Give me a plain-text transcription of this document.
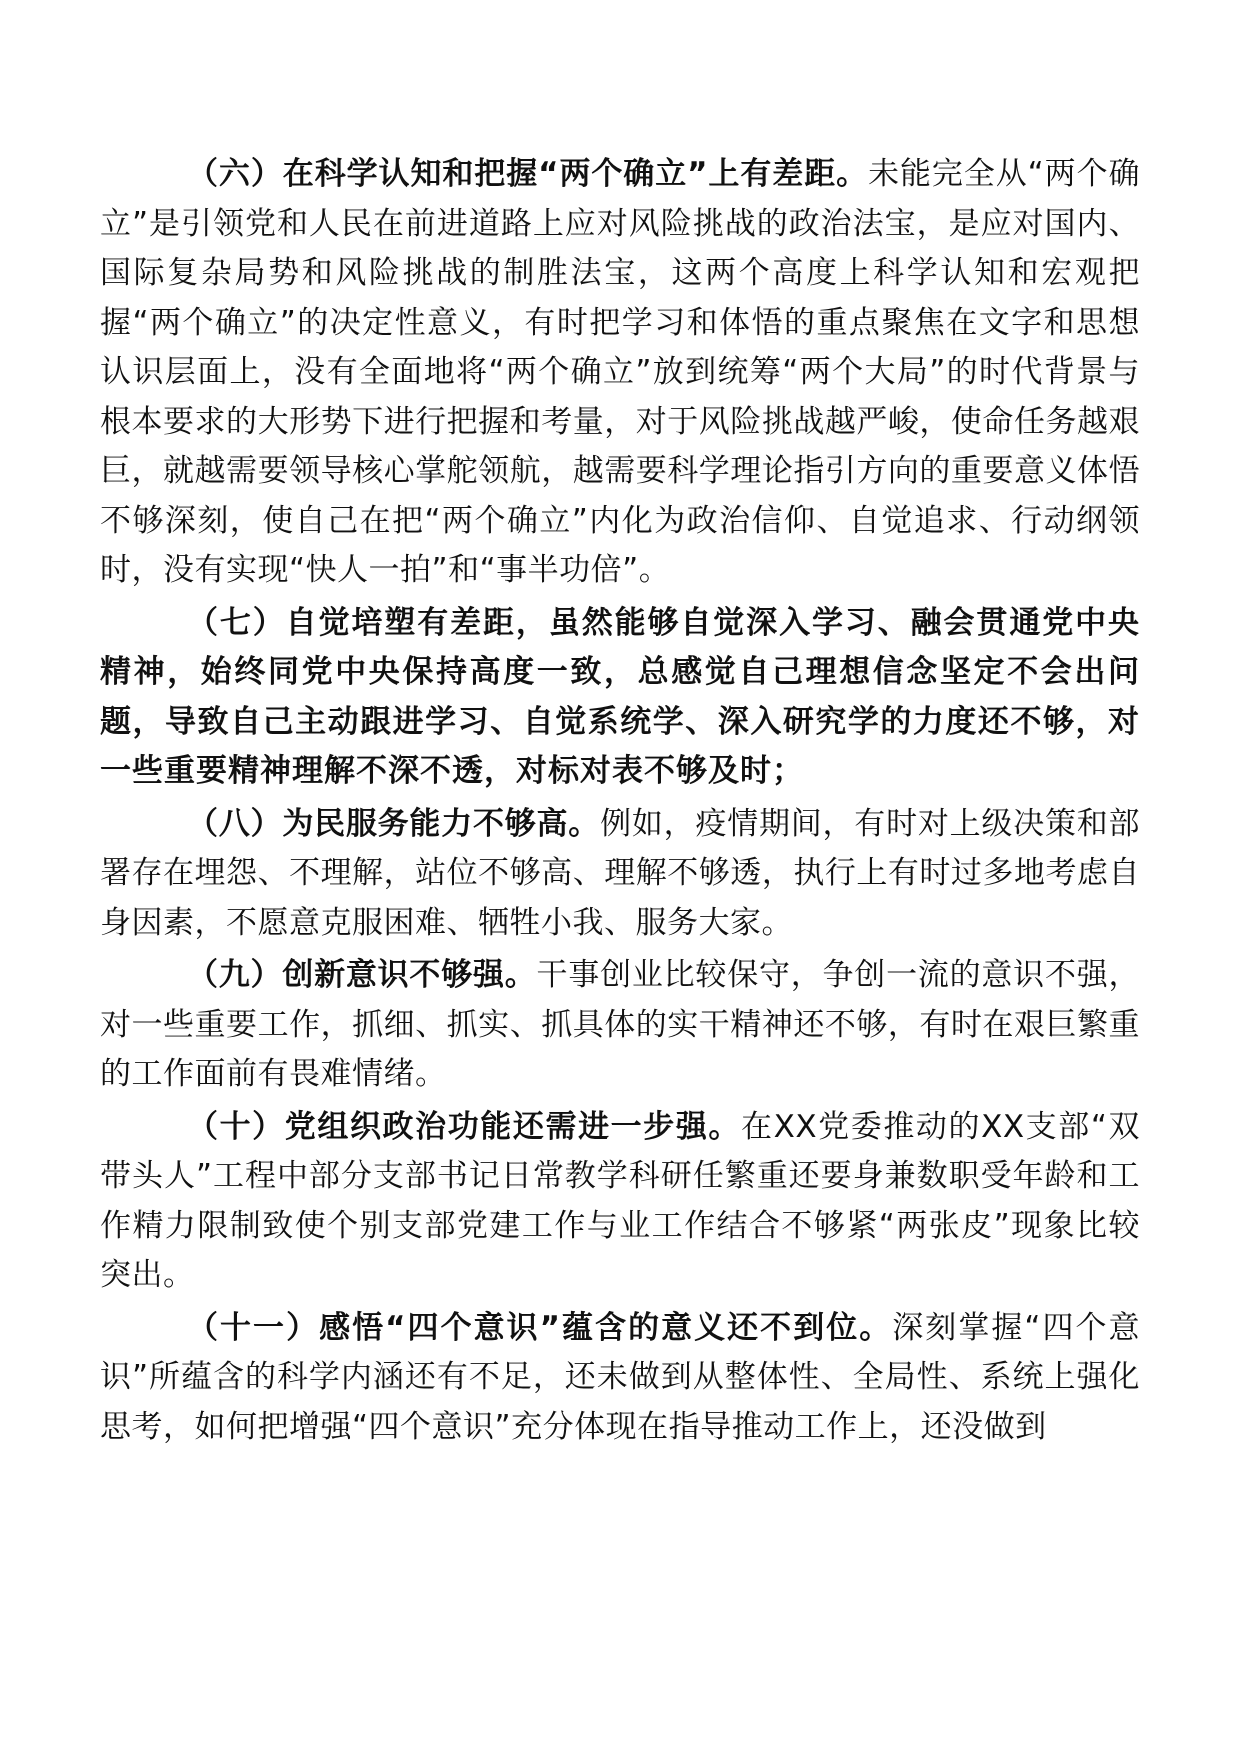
（六）在科学认知和把握“两个确立”上有差距。未能完全从“两个确立”是引领党和人民在前进道路上应对风险挑战的政治法宝，是应对国内、国际复杂局势和风险挑战的制胜法宝，这两个高度上科学认知和宏观把握“两个确立”的决定性意义，有时把学习和体悟的重点聚焦在文字和思想认识层面上，没有全面地将“两个确立”放到统筹“两个大局”的时代背景与根本要求的大形势下进行把握和考量，对于风险挑战越严峻，使命任务越艰巨，就越需要领导核心掌舵领航，越需要科学理论指引方向的重要意义体悟不够深刻，使自己在把“两个确立”内化为政治信仰、自觉追求、行动纲领时，没有实现“快人一拍”和“事半功倍”。

（七）自觉培塑有差距，虽然能够自觉深入学习、融会贯通党中央精神，始终同党中央保持高度一致，总感觉自己理想信念坚定不会出问题，导致自己主动跟进学习、自觉系统学、深入研究学的力度还不够，对一些重要精神理解不深不透，对标对表不够及时；

（八）为民服务能力不够高。例如，疫情期间，有时对上级决策和部署存在埋怨、不理解，站位不够高、理解不够透，执行上有时过多地考虑自身因素，不愿意克服困难、牺牲小我、服务大家。

（九）创新意识不够强。干事创业比较保守，争创一流的意识不强，对一些重要工作，抓细、抓实、抓具体的实干精神还不够，有时在艰巨繁重的工作面前有畏难情绪。

（十）党组织政治功能还需进一步强。在XX党委推动的XX支部“双带头人”工程中部分支部书记日常教学科研任繁重还要身兼数职受年龄和工作精力限制致使个别支部党建工作与业工作结合不够紧“两张皮”现象比较突出。

（十一）感悟“四个意识”蕴含的意义还不到位。深刻掌握“四个意识”所蕴含的科学内涵还有不足，还未做到从整体性、全局性、系统上强化思考，如何把增强“四个意识”充分体现在指导推动工作上，还没做到
